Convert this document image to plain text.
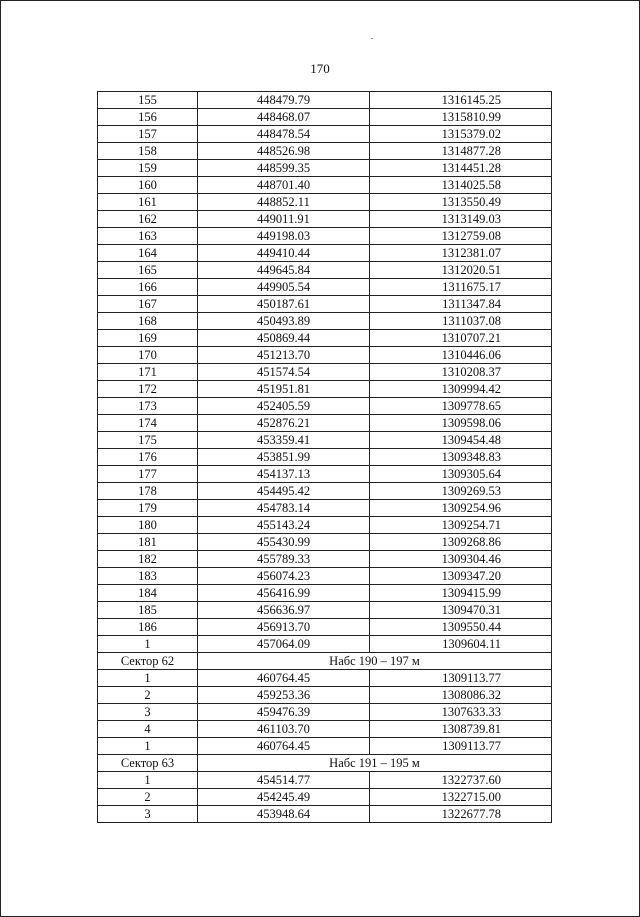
170
155	448479.79	1316145.25
156	448468.07	1315810.99
157	448478.54	1315379.02
158	448526.98	1314877.28
159	448599.35	1314451.28
160	448701.40	1314025.58
161	448852.11	1313550.49
162	449011.91	1313149.03
163	449198.03	1312759.08
164	449410.44	1312381.07
165	449645.84	1312020.51
166	449905.54	1311675.17
167	450187.61	1311347.84
168	450493.89	1311037.08
169	450869.44	1310707.21
170	451213.70	1310446.06
171	451574.54	1310208.37
172	451951.81	1309994.42
173	452405.59	1309778.65
174	452876.21	1309598.06
175	453359.41	1309454.48
176	453851.99	1309348.83
177	454137.13	1309305.64
178	454495.42	1309269.53
179	454783.14	1309254.96
180	455143.24	1309254.71
181	455430.99	1309268.86
182	455789.33	1309304.46
183	456074.23	1309347.20
184	456416.99	1309415.99
185	456636.97	1309470.31
186	456913.70	1309550.44
1	457064.09	1309604.11
Сектор 62	Набс 190 – 197 м	
1	460764.45	1309113.77
2	459253.36	1308086.32
3	459476.39	1307633.33
4	461103.70	1308739.81
1	460764.45	1309113.77
Сектор 63	Набс 191 – 195 м	
1	454514.77	1322737.60
2	454245.49	1322715.00
3	453948.64	1322677.78
